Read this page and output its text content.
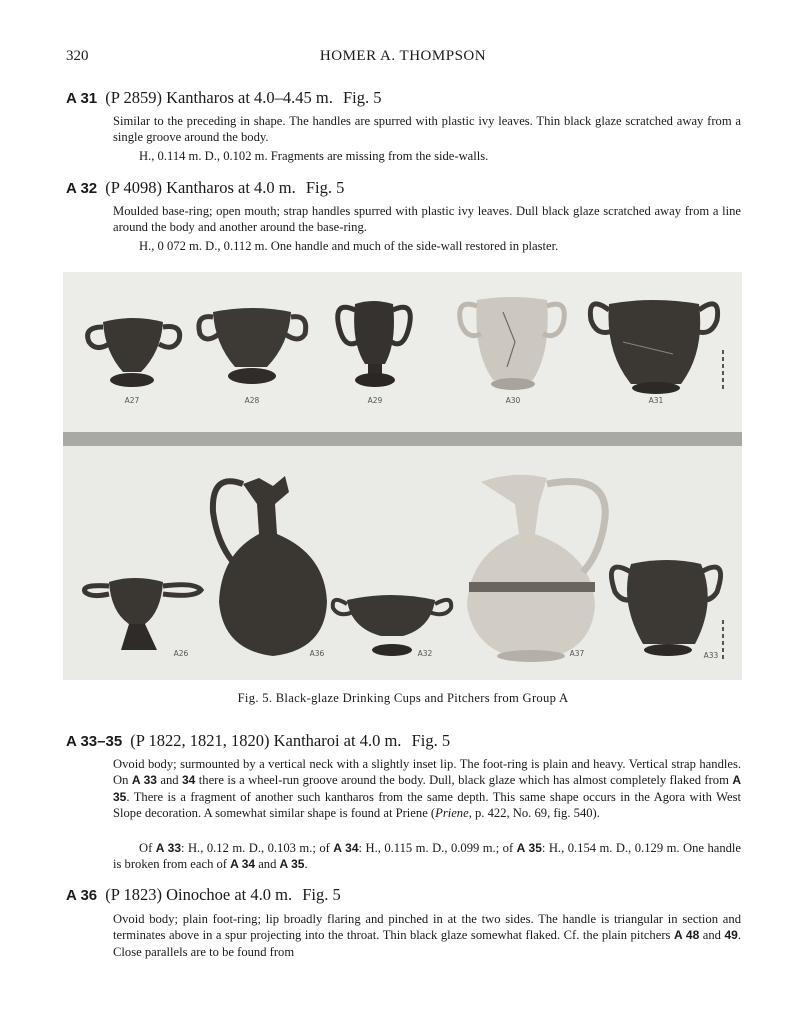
320	HOMER A. THOMPSON
A 31 (P 2859) Kantharos at 4.0–4.45 m. Fig. 5
Similar to the preceding in shape. The handles are spurred with plastic ivy leaves. Thin black glaze scratched away from a single groove around the body.
H., 0.114 m. D., 0.102 m. Fragments are missing from the side-walls.
A 32 (P 4098) Kantharos at 4.0 m. Fig. 5
Moulded base-ring; open mouth; strap handles spurred with plastic ivy leaves. Dull black glaze scratched away from a line around the body and another around the base-ring.
H., 0 072 m. D., 0.112 m. One handle and much of the side-wall restored in plaster.
A27	A28	A29	A30	A31
A26	A36	A32	A37	A33
Fig. 5. Black-glaze Drinking Cups and Pitchers from Group A
A 33–35 (P 1822, 1821, 1820) Kantharoi at 4.0 m. Fig. 5
Ovoid body; surmounted by a vertical neck with a slightly inset lip. The foot-ring is plain and heavy. Vertical strap handles. On A 33 and 34 there is a wheel-run groove around the body. Dull, black glaze which has almost completely flaked from A 35. There is a fragment of another such kantharos from the same depth. This same shape occurs in the Agora with West Slope decoration. A somewhat similar shape is found at Priene (Priene, p. 422, No. 69, fig. 540).
Of A 33: H., 0.12 m. D., 0.103 m.; of A 34: H., 0.115 m. D., 0.099 m.; of A 35: H., 0.154 m. D., 0.129 m. One handle is broken from each of A 34 and A 35.
A 36 (P 1823) Oinochoe at 4.0 m. Fig. 5
Ovoid body; plain foot-ring; lip broadly flaring and pinched in at the two sides. The handle is triangular in section and terminates above in a spur projecting into the throat. Thin black glaze somewhat flaked. Cf. the plain pitchers A 48 and 49. Close parallels are to be found from
